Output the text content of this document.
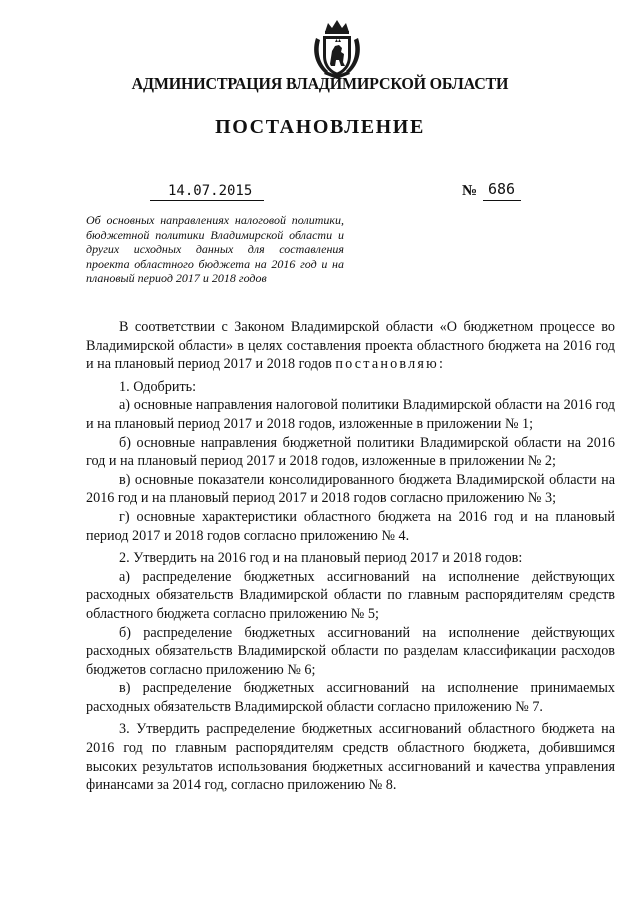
АДМИНИСТРАЦИЯ ВЛАДИМИРСКОЙ ОБЛАСТИ
ПОСТАНОВЛЕНИЕ
14.07.2015	№ 686
Об основных направлениях налоговой политики, бюджетной политики Владимирской области и других исходных данных для составления проекта областного бюджета на 2016 год и на плановый период 2017 и 2018 годов

В соответствии с Законом Владимирской области «О бюджетном процессе во Владимирской области» в целях составления проекта областного бюджета на 2016 год и на плановый период 2017 и 2018 годов постановляю:

1. Одобрить:

а) основные направления налоговой политики Владимирской области на 2016 год и на плановый период 2017 и 2018 годов, изложенные в приложении № 1;

б) основные направления бюджетной политики Владимирской области на 2016 год и на плановый период 2017 и 2018 годов, изложенные в приложении № 2;

в) основные показатели консолидированного бюджета Владимирской области на 2016 год и на плановый период 2017 и 2018 годов согласно приложению № 3;

г) основные характеристики областного бюджета на 2016 год и на плановый период 2017 и 2018 годов согласно приложению № 4.

2. Утвердить на 2016 год и на плановый период 2017 и 2018 годов:

а) распределение бюджетных ассигнований на исполнение действующих расходных обязательств Владимирской области по главным распорядителям средств областного бюджета согласно приложению № 5;

б) распределение бюджетных ассигнований на исполнение действующих расходных обязательств Владимирской области по разделам классификации расходов бюджетов согласно приложению № 6;

в) распределение бюджетных ассигнований на исполнение принимаемых расходных обязательств Владимирской области согласно приложению № 7.

3. Утвердить распределение бюджетных ассигнований областного бюджета на 2016 год по главным распорядителям средств областного бюджета, добившимся высоких результатов использования бюджетных ассигнований и качества управления финансами за 2014 год, согласно приложению № 8.
